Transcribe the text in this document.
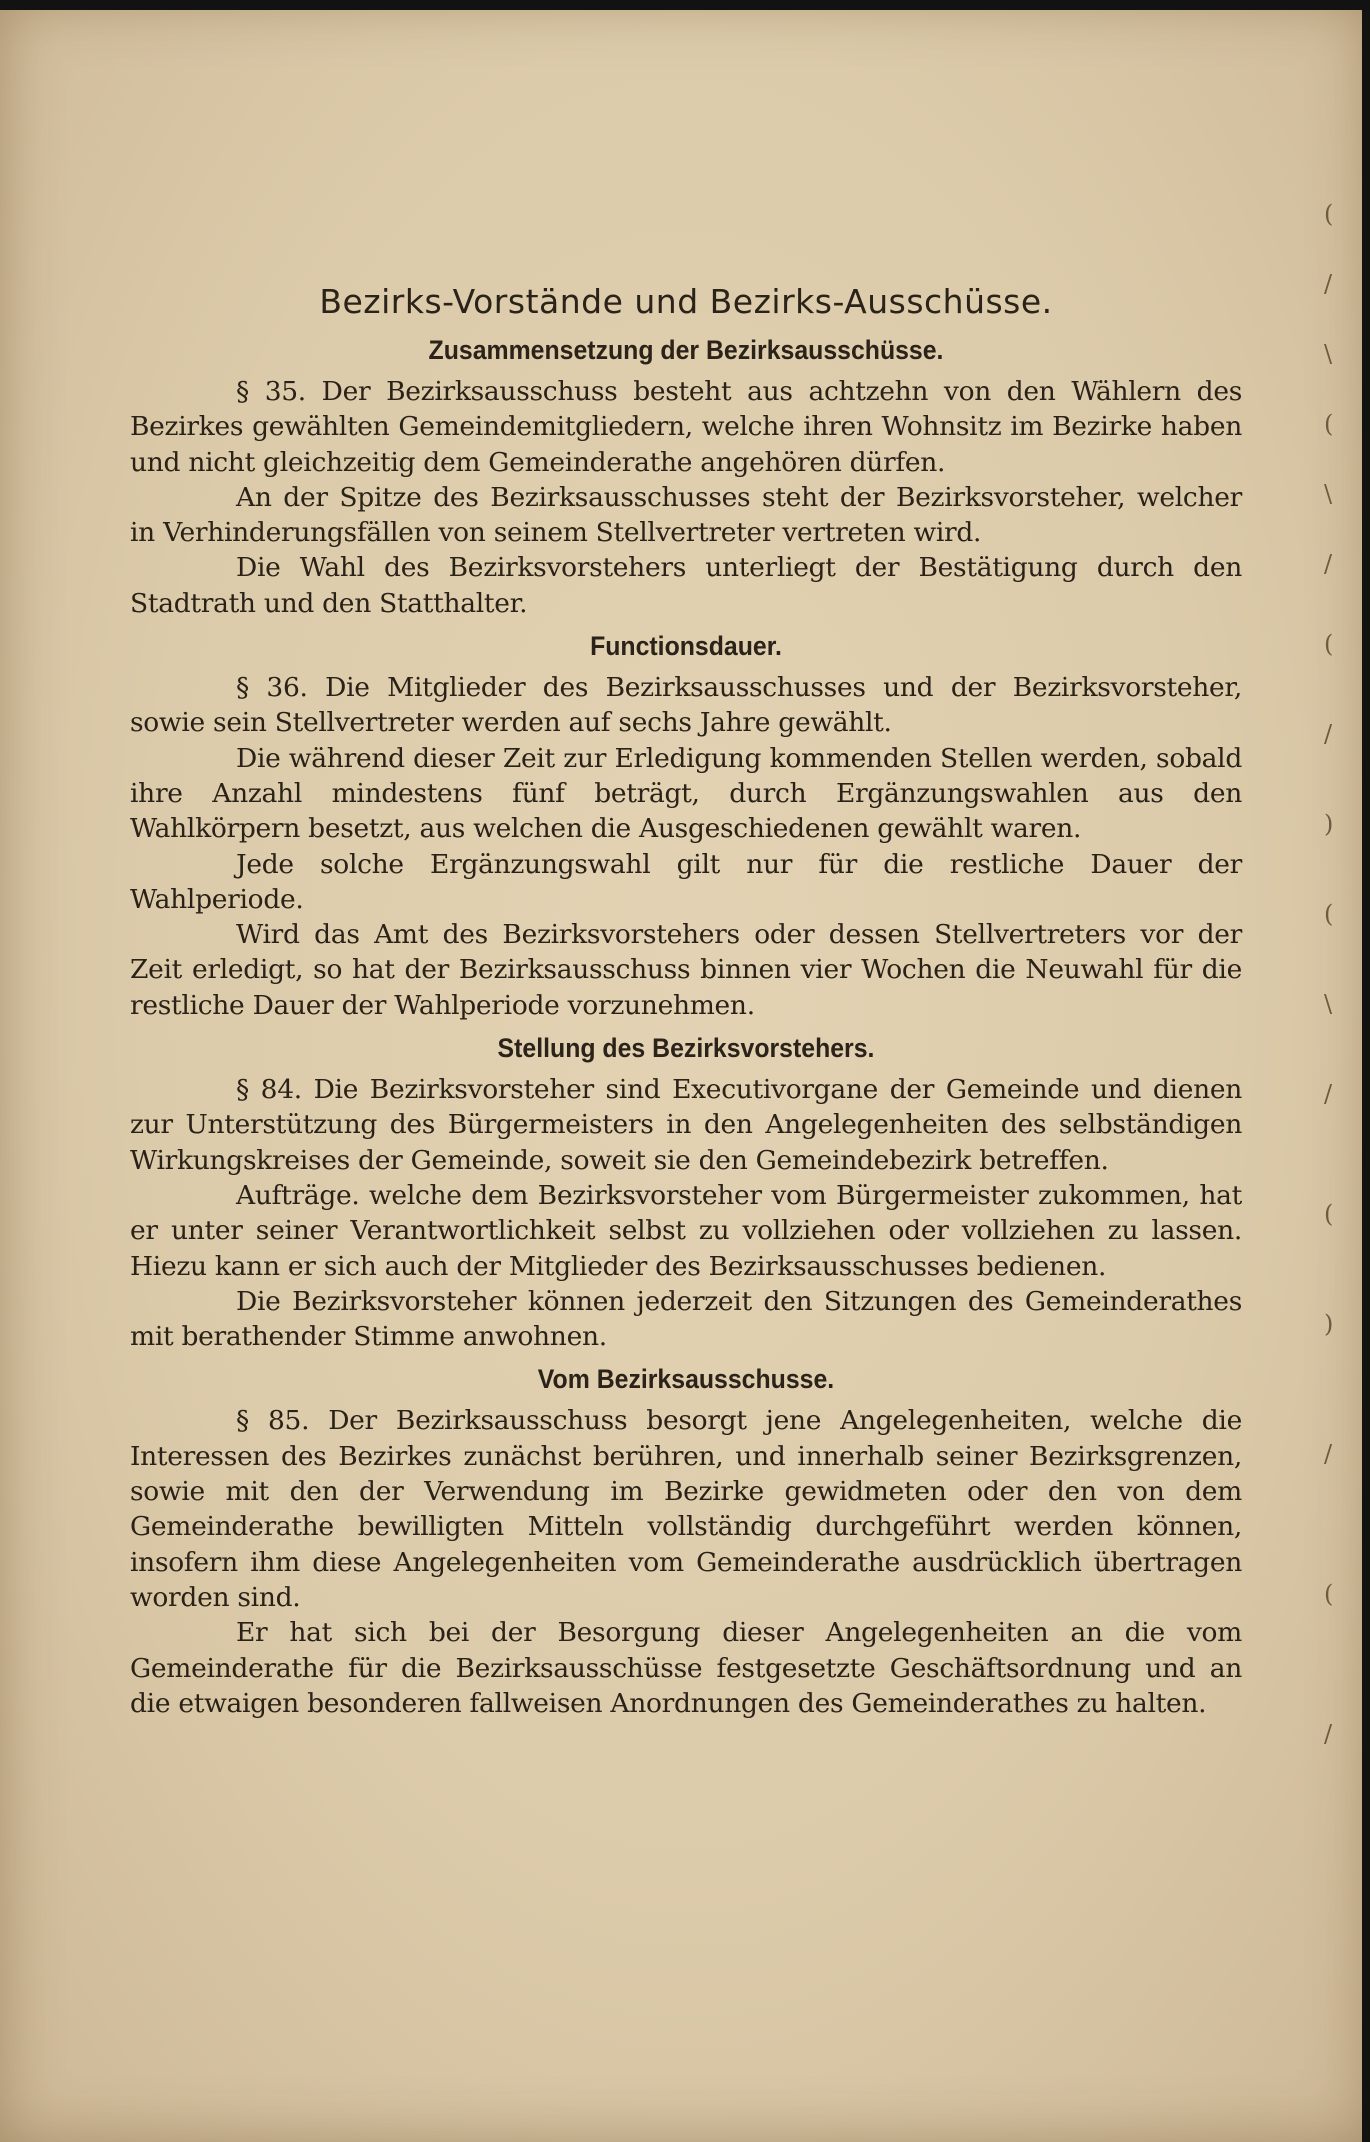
(
/
\
(
\
/
(
/
)
(
\
/
(
)
/
(
/
Bezirks-Vorstände und Bezirks-Ausschüsse.
Zusammensetzung der Bezirksausschüsse.

§ 35. Der Bezirksausschuss besteht aus achtzehn von den Wählern des Bezirkes gewählten Gemeindemitgliedern, welche ihren Wohnsitz im Bezirke haben und nicht gleichzeitig dem Gemeinderathe angehören dürfen.

An der Spitze des Bezirksausschusses steht der Bezirksvorsteher, welcher in Verhinderungsfällen von seinem Stellvertreter vertreten wird.

Die Wahl des Bezirksvorstehers unterliegt der Bestätigung durch den Stadtrath und den Statthalter.

Functionsdauer.

§ 36. Die Mitglieder des Bezirksausschusses und der Bezirksvorsteher, sowie sein Stellvertreter werden auf sechs Jahre gewählt.

Die während dieser Zeit zur Erledigung kommenden Stellen werden, sobald ihre Anzahl mindestens fünf beträgt, durch Ergänzungswahlen aus den Wahlkörpern besetzt, aus welchen die Ausgeschiedenen gewählt waren.

Jede solche Ergänzungswahl gilt nur für die restliche Dauer der Wahlperiode.

Wird das Amt des Bezirksvorstehers oder dessen Stellvertreters vor der Zeit erledigt, so hat der Bezirksausschuss binnen vier Wochen die Neuwahl für die restliche Dauer der Wahlperiode vorzunehmen.

Stellung des Bezirksvorstehers.

§ 84. Die Bezirksvorsteher sind Executivorgane der Gemeinde und dienen zur Unterstützung des Bürgermeisters in den Angelegenheiten des selbständigen Wirkungskreises der Gemeinde, soweit sie den Gemeindebezirk betreffen.

Aufträge. welche dem Bezirksvorsteher vom Bürgermeister zukommen, hat er unter seiner Verantwortlichkeit selbst zu vollziehen oder vollziehen zu lassen. Hiezu kann er sich auch der Mitglieder des Bezirksausschusses bedienen.

Die Bezirksvorsteher können jederzeit den Sitzungen des Gemeinderathes mit berathender Stimme anwohnen.

Vom Bezirksausschusse.

§ 85. Der Bezirksausschuss besorgt jene Angelegenheiten, welche die Interessen des Bezirkes zunächst berühren, und innerhalb seiner Bezirksgrenzen, sowie mit den der Verwendung im Bezirke gewidmeten oder den von dem Gemeinderathe bewilligten Mitteln vollständig durchgeführt werden können, insofern ihm diese Angelegenheiten vom Gemeinderathe ausdrücklich übertragen worden sind.

Er hat sich bei der Besorgung dieser Angelegenheiten an die vom Gemeinderathe für die Bezirksausschüsse festgesetzte Geschäftsordnung und an die etwaigen besonderen fallweisen Anordnungen des Gemeinderathes zu halten.
